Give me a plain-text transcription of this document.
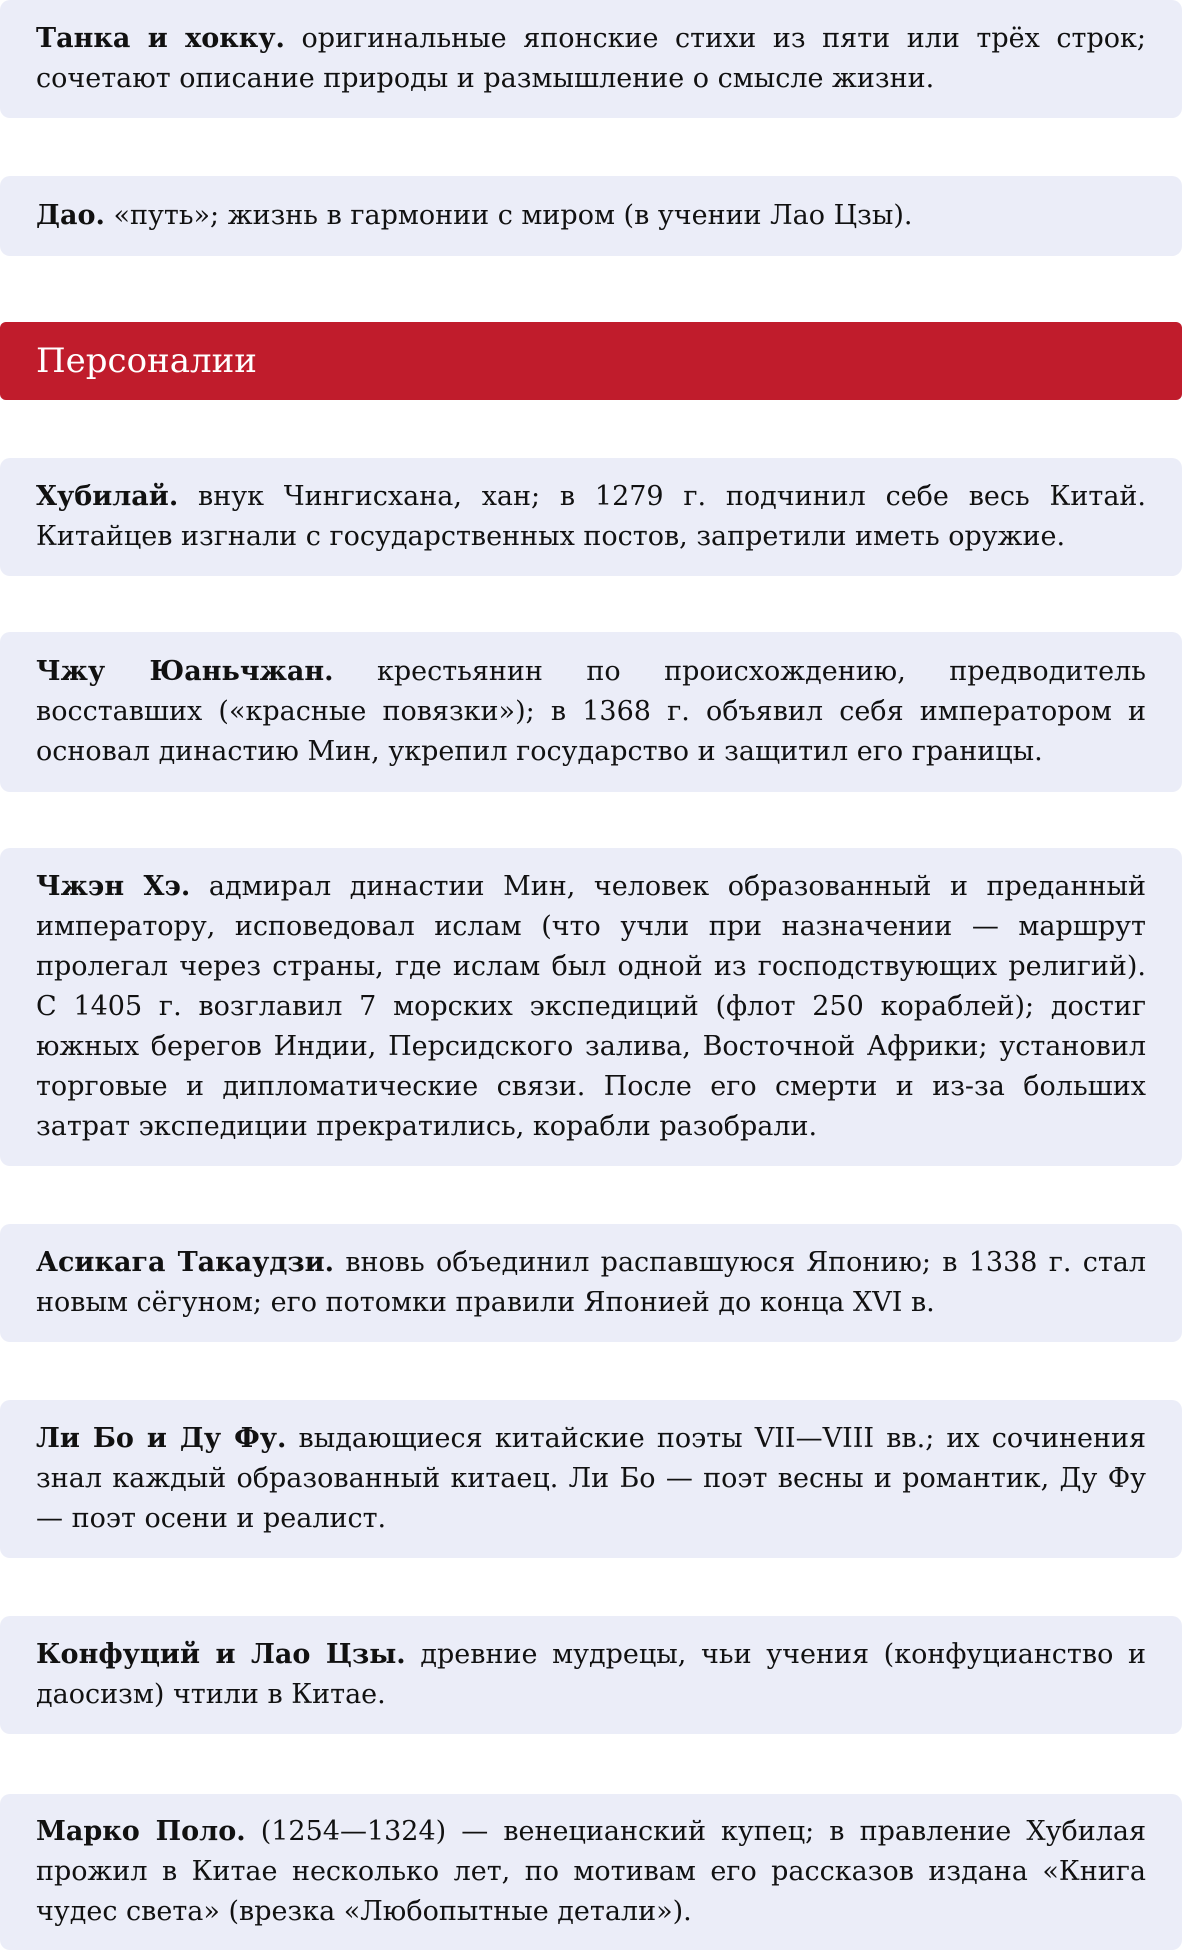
Танка и хокку. оригинальные японские стихи из пяти или трёх строк; сочетают описание природы и размышление о смысле жизни.

Дао. «путь»; жизнь в гармонии с миром (в учении Лао Цзы).

Персоналии

Хубилай. внук Чингисхана, хан; в 1279 г. подчинил себе весь Китай. Китайцев изгнали с государственных постов, запретили иметь оружие.

Чжу Юаньчжан. крестьянин по происхождению, предводитель восставших («красные повязки»); в 1368 г. объявил себя императором и основал династию Мин, укрепил государство и защитил его границы.

Чжэн Хэ. адмирал династии Мин, человек образованный и преданный императору, исповедовал ислам (что учли при назначении — маршрут пролегал через страны, где ислам был одной из господствующих религий). С 1405 г. возглавил 7 морских экспедиций (флот 250 кораблей); достиг южных берегов Индии, Персидского залива, Восточной Африки; установил торговые и дипломатические связи. После его смерти и из-за больших затрат экспедиции прекратились, корабли разобрали.

Асикага Такаудзи. вновь объединил распавшуюся Японию; в 1338 г. стал новым сёгуном; его потомки правили Японией до конца XVI в.

Ли Бо и Ду Фу. выдающиеся китайские поэты VII—VIII вв.; их сочинения знал каждый образованный китаец. Ли Бо — поэт весны и романтик, Ду Фу — поэт осени и реалист.

Конфуций и Лао Цзы. древние мудрецы, чьи учения (конфуцианство и даосизм) чтили в Китае.

Марко Поло. (1254—1324) — венецианский купец; в правление Хубилая прожил в Китае несколько лет, по мотивам его рассказов издана «Книга чудес света» (врезка «Любопытные детали»).
